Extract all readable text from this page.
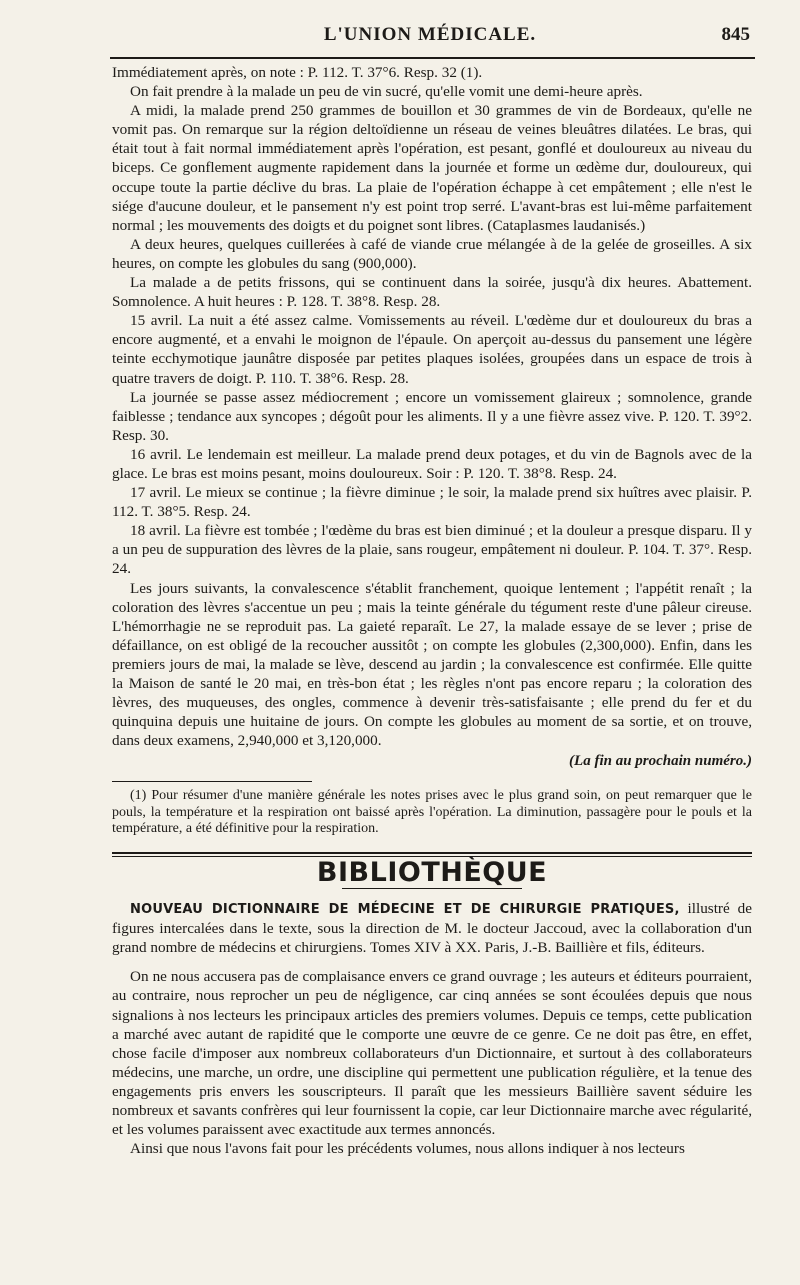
L'UNION MÉDICALE.	845

Immédiatement après, on note : P. 112. T. 37°6. Resp. 32 (1).

On fait prendre à la malade un peu de vin sucré, qu'elle vomit une demi-heure après.

A midi, la malade prend 250 grammes de bouillon et 30 grammes de vin de Bordeaux, qu'elle ne vomit pas. On remarque sur la région deltoïdienne un réseau de veines bleuâtres dilatées. Le bras, qui était tout à fait normal immédiatement après l'opération, est pesant, gonflé et douloureux au niveau du biceps. Ce gonflement augmente rapidement dans la journée et forme un œdème dur, douloureux, qui occupe toute la partie déclive du bras. La plaie de l'opération échappe à cet empâtement ; elle n'est le siége d'aucune douleur, et le pansement n'y est point trop serré. L'avant-bras est lui-même parfaitement normal ; les mouvements des doigts et du poignet sont libres. (Cataplasmes laudanisés.)

A deux heures, quelques cuillerées à café de viande crue mélangée à de la gelée de groseilles. A six heures, on compte les globules du sang (900,000).

La malade a de petits frissons, qui se continuent dans la soirée, jusqu'à dix heures. Abattement. Somnolence. A huit heures : P. 128. T. 38°8. Resp. 28.

15 avril. La nuit a été assez calme. Vomissements au réveil. L'œdème dur et douloureux du bras a encore augmenté, et a envahi le moignon de l'épaule. On aperçoit au-dessus du pansement une légère teinte ecchymotique jaunâtre disposée par petites plaques isolées, groupées dans un espace de trois à quatre travers de doigt. P. 110. T. 38°6. Resp. 28.

La journée se passe assez médiocrement ; encore un vomissement glaireux ; somnolence, grande faiblesse ; tendance aux syncopes ; dégoût pour les aliments. Il y a une fièvre assez vive. P. 120. T. 39°2. Resp. 30.

16 avril. Le lendemain est meilleur. La malade prend deux potages, et du vin de Bagnols avec de la glace. Le bras est moins pesant, moins douloureux. Soir : P. 120. T. 38°8. Resp. 24.

17 avril. Le mieux se continue ; la fièvre diminue ; le soir, la malade prend six huîtres avec plaisir. P. 112. T. 38°5. Resp. 24.

18 avril. La fièvre est tombée ; l'œdème du bras est bien diminué ; et la douleur a presque disparu. Il y a un peu de suppuration des lèvres de la plaie, sans rougeur, empâtement ni douleur. P. 104. T. 37°. Resp. 24.

Les jours suivants, la convalescence s'établit franchement, quoique lentement ; l'appétit renaît ; la coloration des lèvres s'accentue un peu ; mais la teinte générale du tégument reste d'une pâleur cireuse. L'hémorrhagie ne se reproduit pas. La gaieté reparaît. Le 27, la malade essaye de se lever ; prise de défaillance, on est obligé de la recoucher aussitôt ; on compte les globules (2,300,000). Enfin, dans les premiers jours de mai, la malade se lève, descend au jardin ; la convalescence est confirmée. Elle quitte la Maison de santé le 20 mai, en très-bon état ; les règles n'ont pas encore reparu ; la coloration des lèvres, des muqueuses, des ongles, commence à devenir très-satisfaisante ; elle prend du fer et du quinquina depuis une huitaine de jours. On compte les globules au moment de sa sortie, et on trouve, dans deux examens, 2,940,000 et 3,120,000.

(La fin au prochain numéro.)
(1) Pour résumer d'une manière générale les notes prises avec le plus grand soin, on peut remarquer que le pouls, la température et la respiration ont baissé après l'opération. La diminution, passagère pour le pouls et la température, a été définitive pour la respiration.
BIBLIOTHÈQUE

NOUVEAU DICTIONNAIRE DE MÉDECINE ET DE CHIRURGIE PRATIQUES, illustré de figures intercalées dans le texte, sous la direction de M. le docteur Jaccoud, avec la collaboration d'un grand nombre de médecins et chirurgiens. Tomes XIV à XX. Paris, J.-B. Baillière et fils, éditeurs.

On ne nous accusera pas de complaisance envers ce grand ouvrage ; les auteurs et éditeurs pourraient, au contraire, nous reprocher un peu de négligence, car cinq années se sont écoulées depuis que nous signalions à nos lecteurs les principaux articles des premiers volumes. Depuis ce temps, cette publication a marché avec autant de rapidité que le comporte une œuvre de ce genre. Ce ne doit pas être, en effet, chose facile d'imposer aux nombreux collaborateurs d'un Dictionnaire, et surtout à des collaborateurs médecins, une marche, un ordre, une discipline qui permettent une publication régulière, et la tenue des engagements pris envers les souscripteurs. Il paraît que les messieurs Baillière savent séduire les nombreux et savants confrères qui leur fournissent la copie, car leur Dictionnaire marche avec régularité, et les volumes paraissent avec exactitude aux termes annoncés.

Ainsi que nous l'avons fait pour les précédents volumes, nous allons indiquer à nos lecteurs
